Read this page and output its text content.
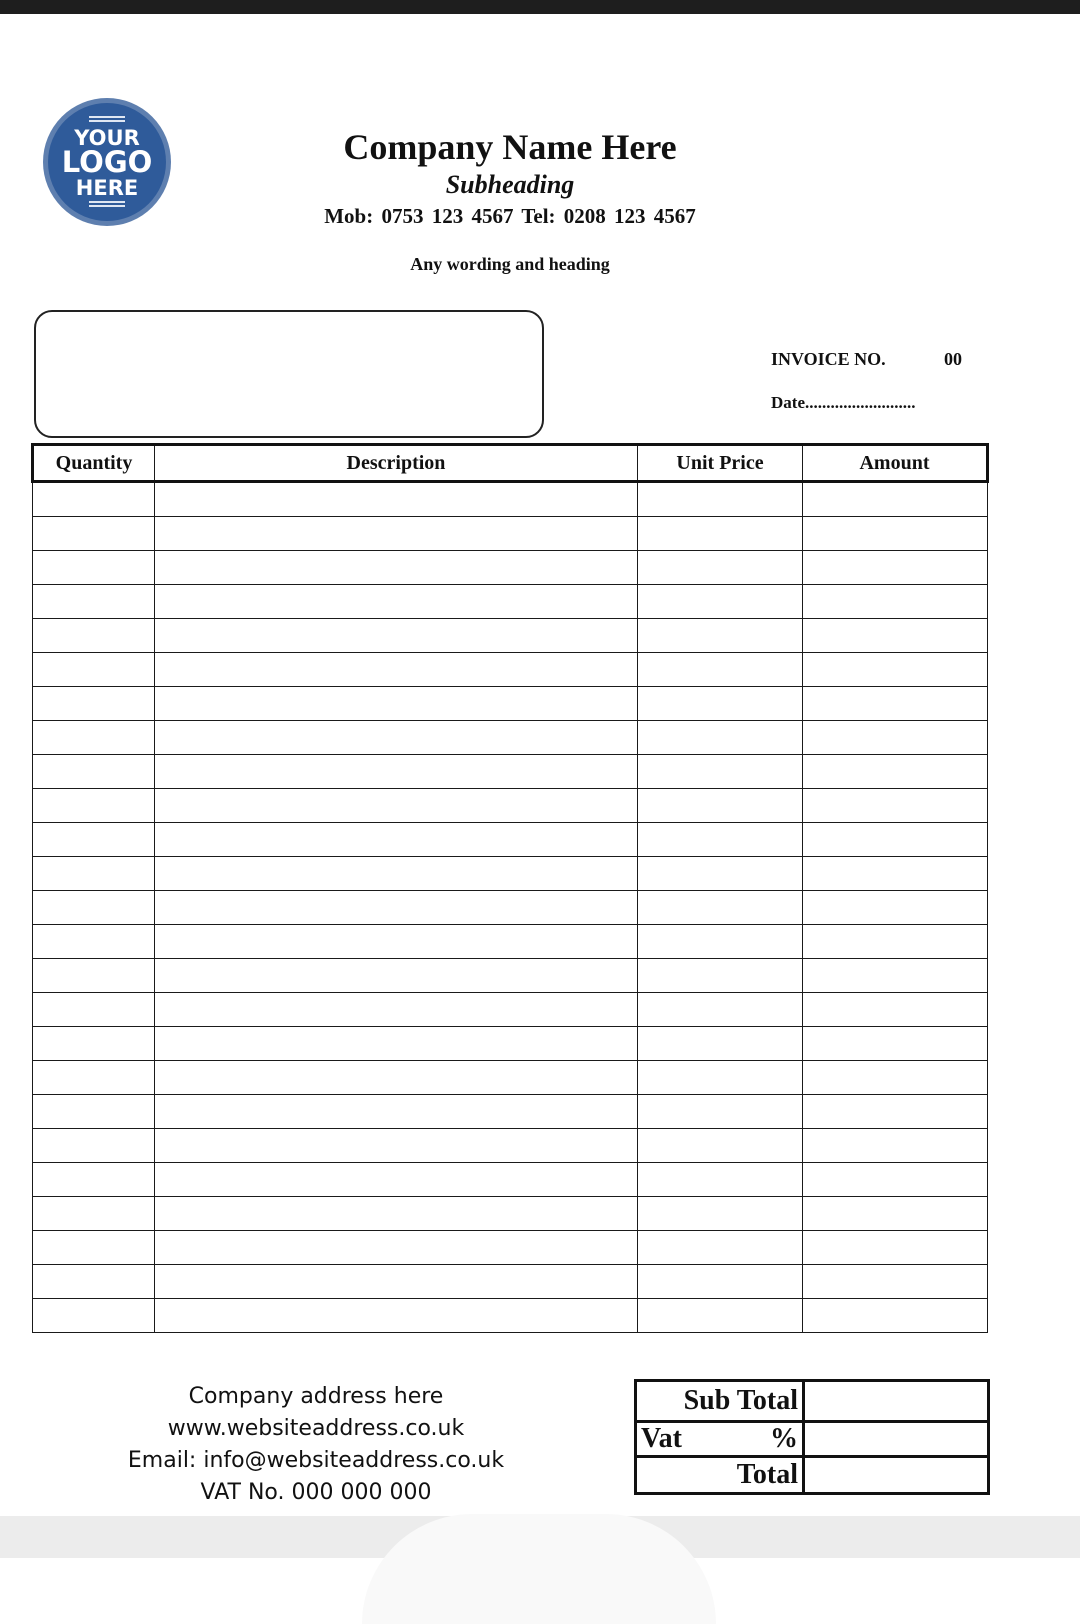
YOUR
LOGO
HERE
Company Name Here
Subheading
Mob: 0753 123 4567 Tel: 0208 123 4567
Any wording and heading
INVOICE NO.	00
Date..........................
Quantity	Description	Unit Price	Amount

Company address here
www.websiteaddress.co.uk
Email: info@websiteaddress.co.uk
VAT No. 000 000 000
Sub Total	

Vat %	

Total	
